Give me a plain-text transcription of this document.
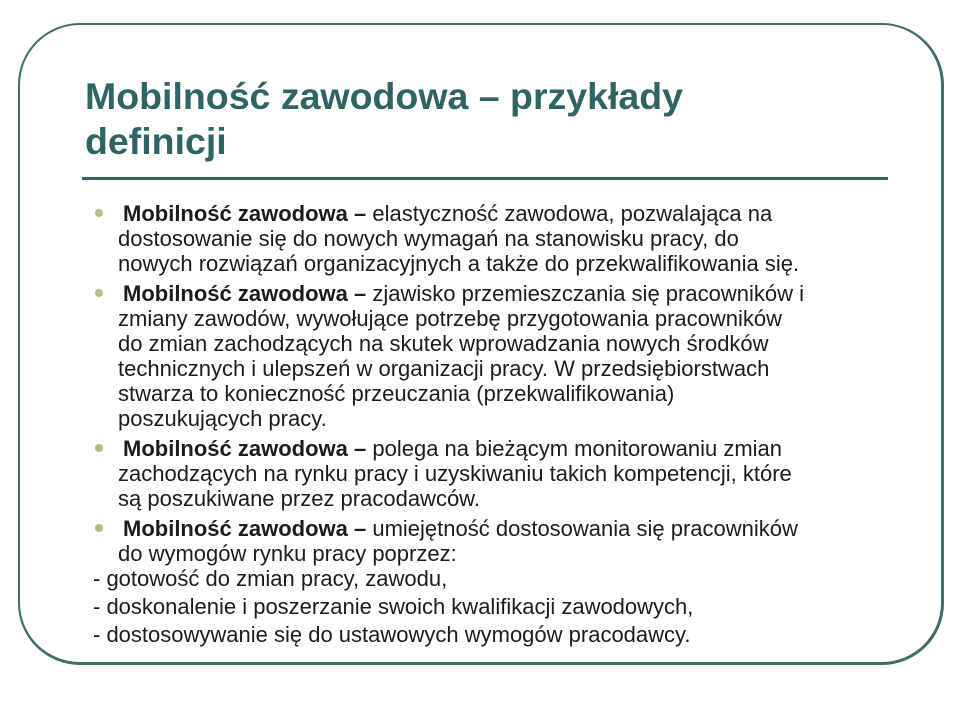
Mobilność zawodowa – przykłady definicji
Mobilność zawodowa – elastyczność zawodowa, pozwalająca na dostosowanie się do nowych wymagań na stanowisku pracy, do nowych rozwiązań organizacyjnych a także do przekwalifikowania się.
Mobilność zawodowa – zjawisko przemieszczania się pracowników i zmiany zawodów, wywołujące potrzebę przygotowania pracowników do zmian zachodzących na skutek wprowadzania nowych środków technicznych i ulepszeń w organizacji pracy. W przedsiębiorstwach stwarza to konieczność przeuczania (przekwalifikowania) poszukujących pracy.
Mobilność zawodowa – polega na bieżącym monitorowaniu zmian zachodzących na rynku pracy i uzyskiwaniu takich kompetencji, które są poszukiwane przez pracodawców.
Mobilność zawodowa – umiejętność dostosowania się pracowników do wymogów rynku pracy poprzez:
- gotowość do zmian pracy, zawodu,
- doskonalenie i poszerzanie swoich kwalifikacji zawodowych,
- dostosowywanie się do ustawowych wymogów pracodawcy.
